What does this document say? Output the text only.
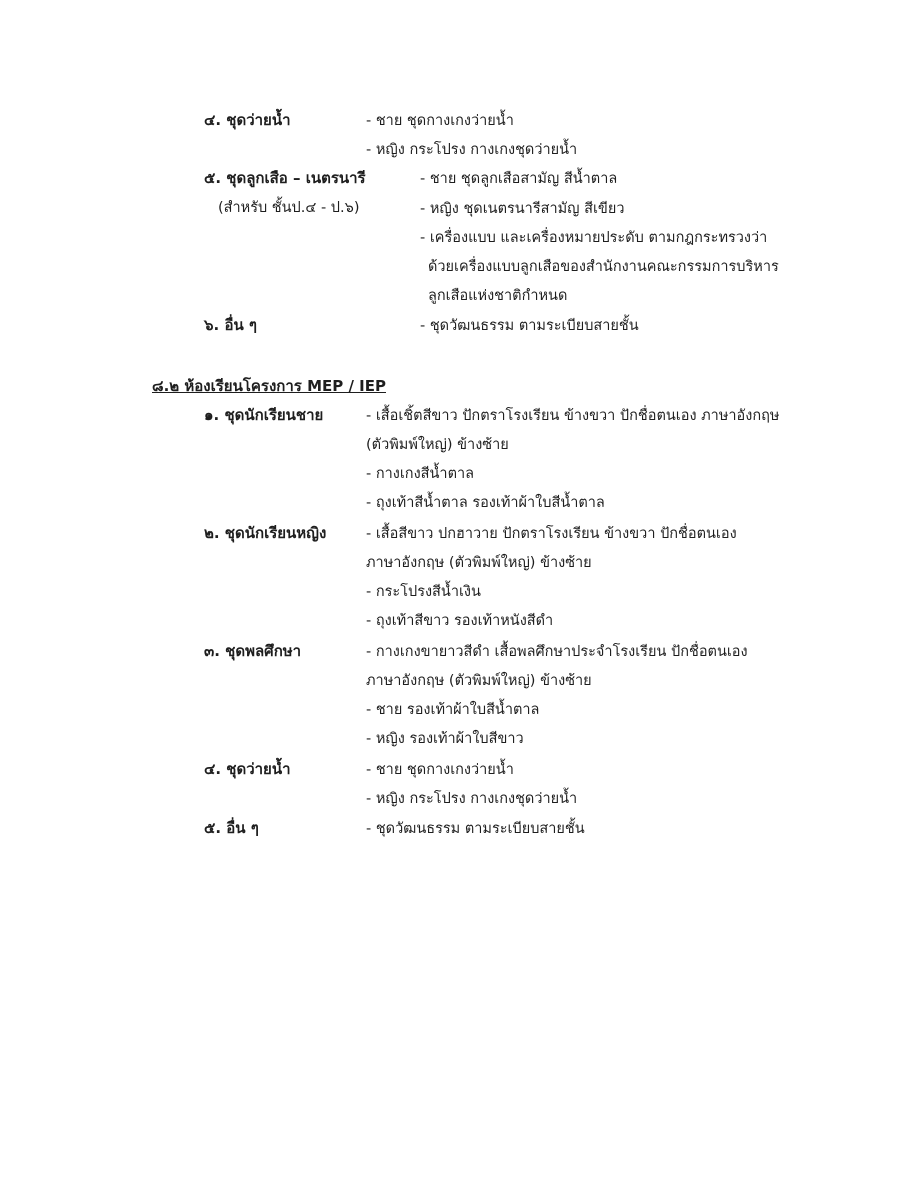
๔. ชุดว่ายน้ำ	- ชาย ชุดกางเกงว่ายน้ำ
- หญิง กระโปรง กางเกงชุดว่ายน้ำ
๕. ชุดลูกเสือ – เนตรนารี
(สำหรับ ชั้นป.๔ - ป.๖)
- ชาย ชุดลูกเสือสามัญ สีน้ำตาล
- หญิง ชุดเนตรนารีสามัญ สีเขียว
- เครื่องแบบ และเครื่องหมายประดับ ตามกฎกระทรวงว่า
ด้วยเครื่องแบบลูกเสือของสำนักงานคณะกรรมการบริหาร
ลูกเสือแห่งชาติกำหนด
๖. อื่น ๆ	- ชุดวัฒนธรรม ตามระเบียบสายชั้น
๘.๒ ห้องเรียนโครงการ MEP / IEP
๑. ชุดนักเรียนชาย	- เสื้อเชิ้ตสีขาว ปักตราโรงเรียน ข้างขวา ปักชื่อตนเอง ภาษาอังกฤษ
(ตัวพิมพ์ใหญ่) ข้างซ้าย
- กางเกงสีน้ำตาล
- ถุงเท้าสีน้ำตาล รองเท้าผ้าใบสีน้ำตาล
๒. ชุดนักเรียนหญิง	- เสื้อสีขาว ปกฮาวาย ปักตราโรงเรียน ข้างขวา ปักชื่อตนเอง
ภาษาอังกฤษ (ตัวพิมพ์ใหญ่) ข้างซ้าย
- กระโปรงสีน้ำเงิน
- ถุงเท้าสีขาว รองเท้าหนังสีดำ
๓. ชุดพลศึกษา	- กางเกงขายาวสีดำ เสื้อพลศึกษาประจำโรงเรียน ปักชื่อตนเอง
ภาษาอังกฤษ (ตัวพิมพ์ใหญ่) ข้างซ้าย
- ชาย รองเท้าผ้าใบสีน้ำตาล
- หญิง รองเท้าผ้าใบสีขาว
๔. ชุดว่ายน้ำ	- ชาย ชุดกางเกงว่ายน้ำ
- หญิง กระโปรง กางเกงชุดว่ายน้ำ
๕. อื่น ๆ	- ชุดวัฒนธรรม ตามระเบียบสายชั้น
